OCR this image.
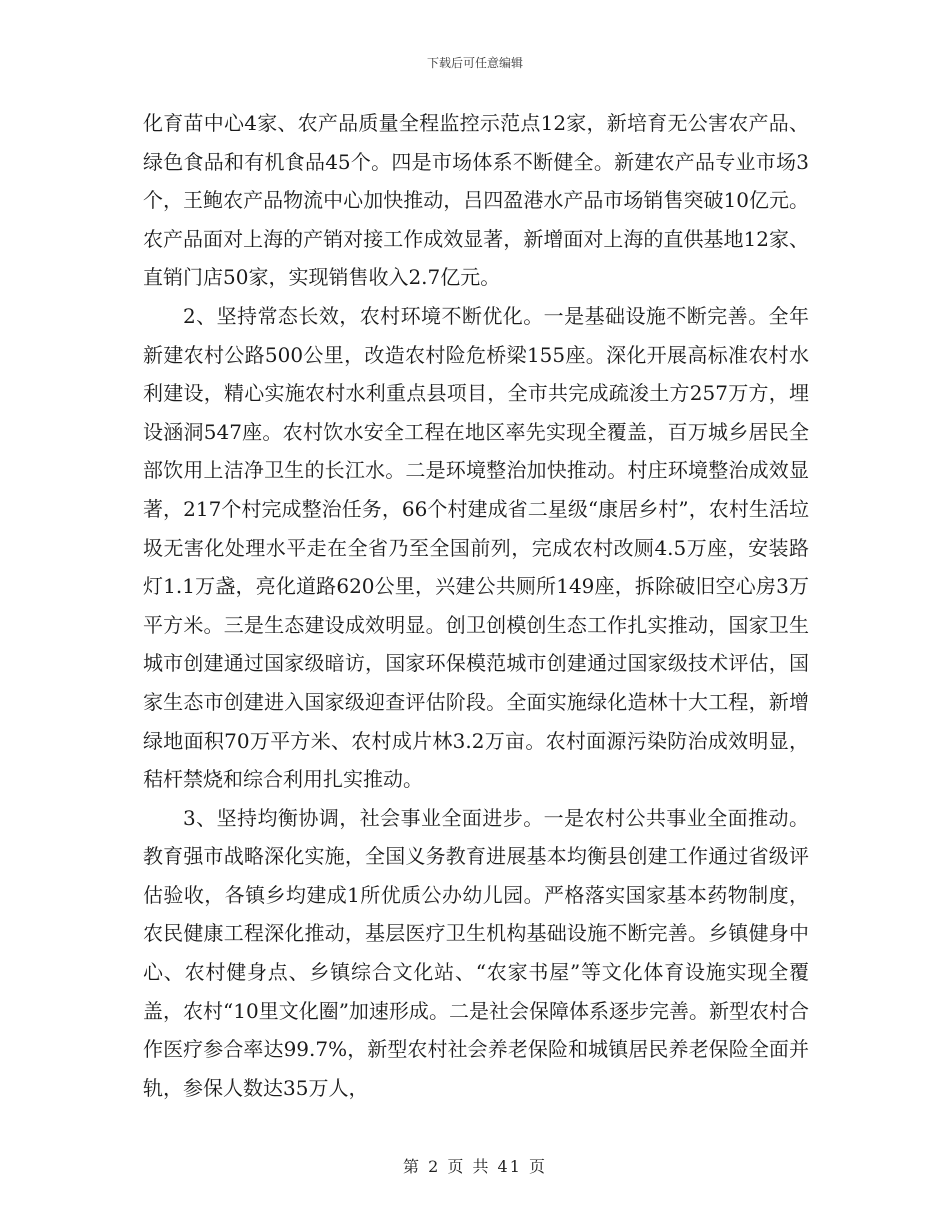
下载后可任意编辑

化育苗中心4家、农产品质量全程监控示范点12家，新培育无公害农产品、绿色食品和有机食品45个。四是市场体系不断健全。新建农产品专业市场3个，王鲍农产品物流中心加快推动，吕四盈港水产品市场销售突破10亿元。农产品面对上海的产销对接工作成效显著，新增面对上海的直供基地12家、直销门店50家，实现销售收入2.7亿元。

2、坚持常态长效，农村环境不断优化。一是基础设施不断完善。全年新建农村公路500公里，改造农村险危桥梁155座。深化开展高标准农村水利建设，精心实施农村水利重点县项目，全市共完成疏浚土方257万方，埋设涵洞547座。农村饮水安全工程在地区率先实现全覆盖，百万城乡居民全部饮用上洁净卫生的长江水。二是环境整治加快推动。村庄环境整治成效显著，217个村完成整治任务，66个村建成省二星级“康居乡村”，农村生活垃圾无害化处理水平走在全省乃至全国前列，完成农村改厕4.5万座，安装路灯1.1万盏，亮化道路620公里，兴建公共厕所149座，拆除破旧空心房3万平方米。三是生态建设成效明显。创卫创模创生态工作扎实推动，国家卫生城市创建通过国家级暗访，国家环保模范城市创建通过国家级技术评估，国家生态市创建进入国家级迎查评估阶段。全面实施绿化造林十大工程，新增绿地面积70万平方米、农村成片林3.2万亩。农村面源污染防治成效明显，秸杆禁烧和综合利用扎实推动。

3、坚持均衡协调，社会事业全面进步。一是农村公共事业全面推动。教育强市战略深化实施，全国义务教育进展基本均衡县创建工作通过省级评估验收，各镇乡均建成1所优质公办幼儿园。严格落实国家基本药物制度，农民健康工程深化推动，基层医疗卫生机构基础设施不断完善。乡镇健身中心、农村健身点、乡镇综合文化站、“农家书屋”等文化体育设施实现全覆盖，农村“10里文化圈”加速形成。二是社会保障体系逐步完善。新型农村合作医疗参合率达99.7%，新型农村社会养老保险和城镇居民养老保险全面并轨，参保人数达35万人，

第 2 页 共 41 页
